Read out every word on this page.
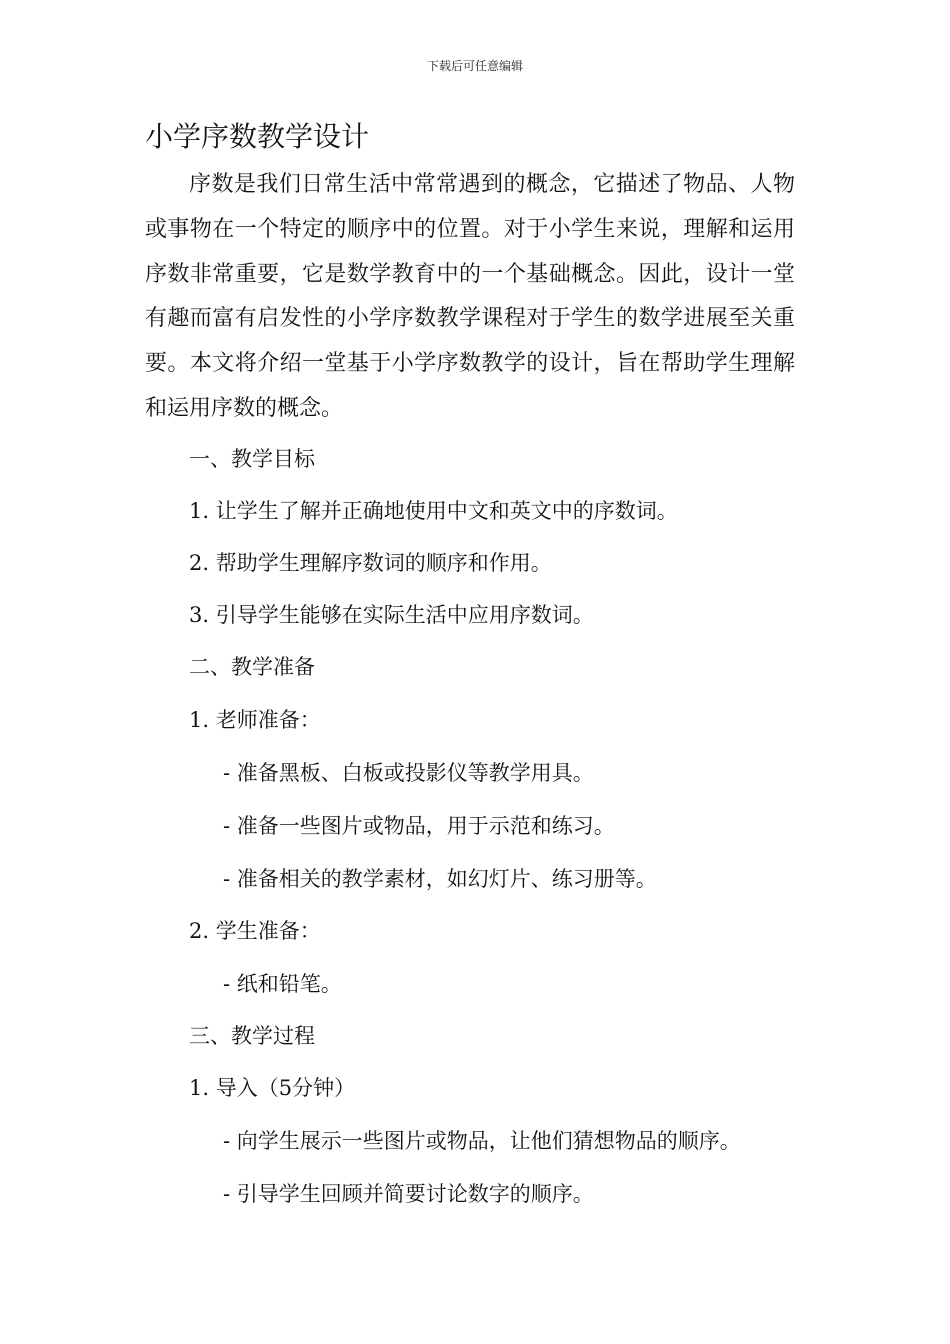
下载后可任意编辑
小学序数教学设计

序数是我们日常生活中常常遇到的概念，它描述了物品、人物或事物在一个特定的顺序中的位置。对于小学生来说，理解和运用序数非常重要，它是数学教育中的一个基础概念。因此，设计一堂有趣而富有启发性的小学序数教学课程对于学生的数学进展至关重要。本文将介绍一堂基于小学序数教学的设计，旨在帮助学生理解和运用序数的概念。

一、教学目标

1. 让学生了解并正确地使用中文和英文中的序数词。

2. 帮助学生理解序数词的顺序和作用。

3. 引导学生能够在实际生活中应用序数词。

二、教学准备

1. 老师准备：

- 准备黑板、白板或投影仪等教学用具。

- 准备一些图片或物品，用于示范和练习。

- 准备相关的教学素材，如幻灯片、练习册等。

2. 学生准备：

- 纸和铅笔。

三、教学过程

1. 导入（5分钟）

- 向学生展示一些图片或物品，让他们猜想物品的顺序。

- 引导学生回顾并简要讨论数字的顺序。
